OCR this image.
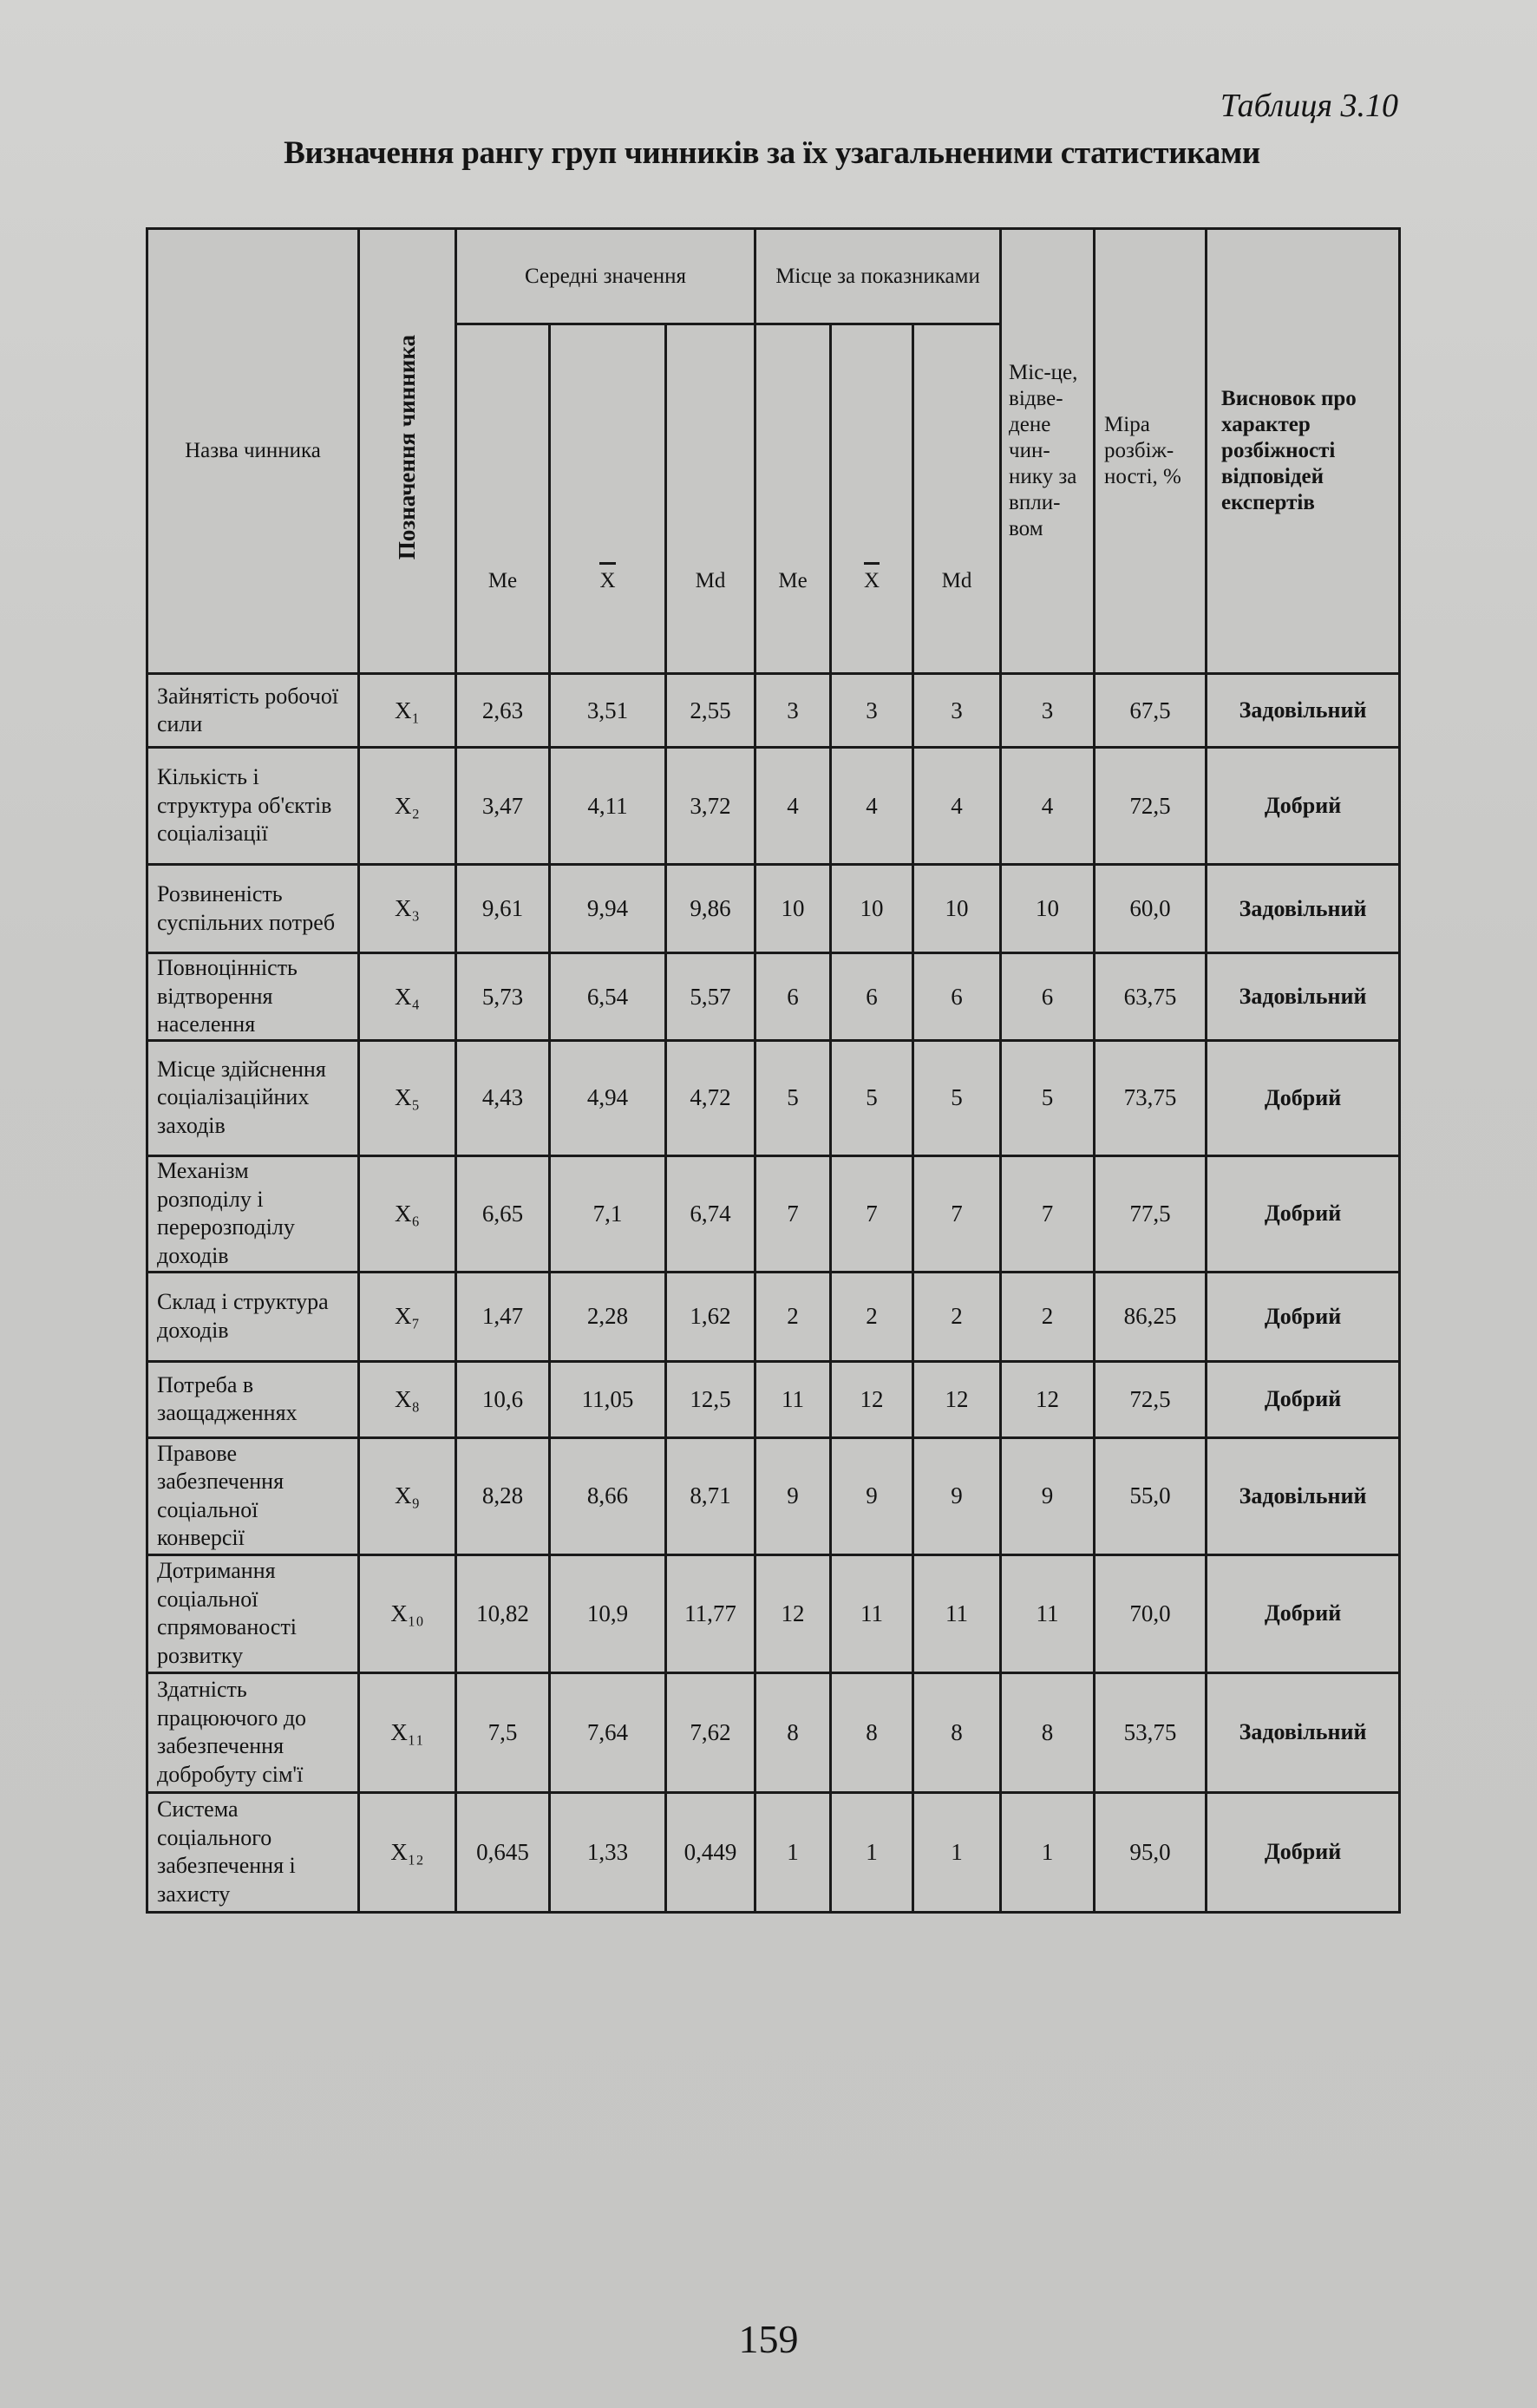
Таблиця 3.10
Визначення рангу груп чинників за їх узагальненими статистиками
Назва чинника	Позначення чинника	Середні значення			Місце за показниками			Міс-це, відве-дене чин-нику за впли-вом	Міра розбіж-ності, %	Висновок про характер розбіжності відповідей експертів
		Me	X	Md	Me	X	Md			
Зайнятість робочої сили	X₁	2,63	3,51	2,55	3	3	3	3	67,5	Задовільний
Кількість і структура об'єктів соціалізації	X₂	3,47	4,11	3,72	4	4	4	4	72,5	Добрий
Розвиненість суспільних потреб	X₃	9,61	9,94	9,86	10	10	10	10	60,0	Задовільний
Повноцінність відтворення населення	X₄	5,73	6,54	5,57	6	6	6	6	63,75	Задовільний
Місце здійснення соціалізаційних заходів	X₅	4,43	4,94	4,72	5	5	5	5	73,75	Добрий
Механізм розподілу і перерозподілу доходів	X₆	6,65	7,1	6,74	7	7	7	7	77,5	Добрий
Склад і структура доходів	X₇	1,47	2,28	1,62	2	2	2	2	86,25	Добрий
Потреба в заощадженнях	X₈	10,6	11,05	12,5	11	12	12	12	72,5	Добрий
Правове забезпечення соціальної конверсії	X₉	8,28	8,66	8,71	9	9	9	9	55,0	Задовільний
Дотримання соціальної спрямованості розвитку	X₁₀	10,82	10,9	11,77	12	11	11	11	70,0	Добрий
Здатність працюючого до забезпечення добробуту сім'ї	X₁₁	7,5	7,64	7,62	8	8	8	8	53,75	Задовільний
Система соціального забезпечення і захисту	X₁₂	0,645	1,33	0,449	1	1	1	1	95,0	Добрий
159
